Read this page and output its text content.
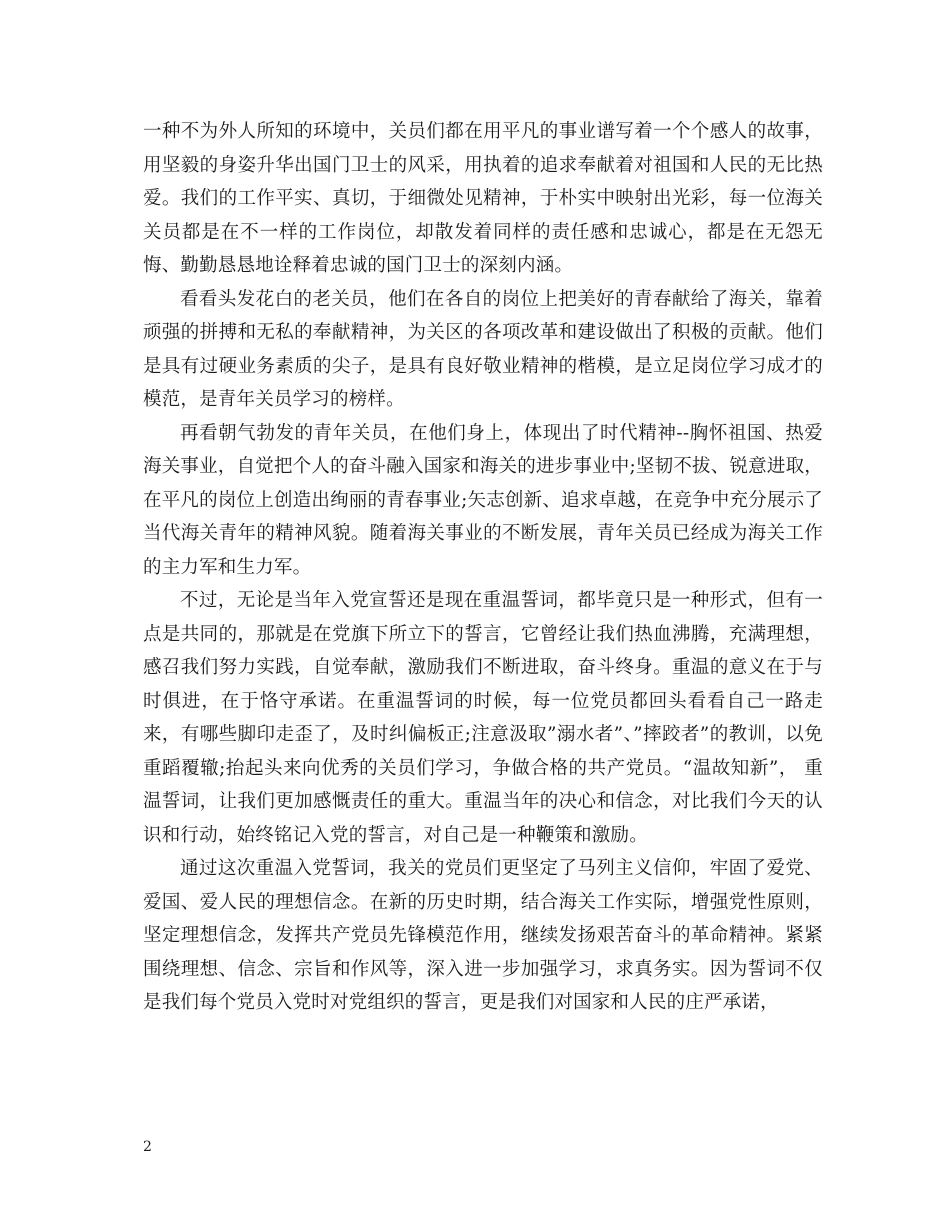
一种不为外人所知的环境中，关员们都在用平凡的事业谱写着一个个感人的故事，用坚毅的身姿升华出国门卫士的风采，用执着的追求奉献着对祖国和人民的无比热爱。我们的工作平实、真切，于细微处见精神，于朴实中映射出光彩，每一位海关关员都是在不一样的工作岗位，却散发着同样的责任感和忠诚心，都是在无怨无悔、勤勤恳恳地诠释着忠诚的国门卫士的深刻内涵。

看看头发花白的老关员，他们在各自的岗位上把美好的青春献给了海关，靠着顽强的拼搏和无私的奉献精神，为关区的各项改革和建设做出了积极的贡献。他们是具有过硬业务素质的尖子，是具有良好敬业精神的楷模，是立足岗位学习成才的模范，是青年关员学习的榜样。

再看朝气勃发的青年关员，在他们身上，体现出了时代精神--胸怀祖国、热爱海关事业，自觉把个人的奋斗融入国家和海关的进步事业中;坚韧不拔、锐意进取，在平凡的岗位上创造出绚丽的青春事业;矢志创新、追求卓越，在竞争中充分展示了当代海关青年的精神风貌。随着海关事业的不断发展，青年关员已经成为海关工作的主力军和生力军。

不过，无论是当年入党宣誓还是现在重温誓词，都毕竟只是一种形式，但有一点是共同的，那就是在党旗下所立下的誓言，它曾经让我们热血沸腾，充满理想，感召我们努力实践，自觉奉献，激励我们不断进取，奋斗终身。重温的意义在于与时俱进，在于恪守承诺。在重温誓词的时候，每一位党员都回头看看自己一路走来，有哪些脚印走歪了，及时纠偏板正;注意汲取”溺水者”、”摔跤者”的教训，以免重蹈覆辙;抬起头来向优秀的关员们学习，争做合格的共产党员。“温故知新”， 重温誓词，让我们更加感慨责任的重大。重温当年的决心和信念，对比我们今天的认识和行动，始终铭记入党的誓言，对自己是一种鞭策和激励。

通过这次重温入党誓词，我关的党员们更坚定了马列主义信仰，牢固了爱党、爱国、爱人民的理想信念。在新的历史时期，结合海关工作实际，增强党性原则，坚定理想信念，发挥共产党员先锋模范作用，继续发扬艰苦奋斗的革命精神。紧紧围绕理想、信念、宗旨和作风等，深入进一步加强学习，求真务实。因为誓词不仅是我们每个党员入党时对党组织的誓言，更是我们对国家和人民的庄严承诺，

2
